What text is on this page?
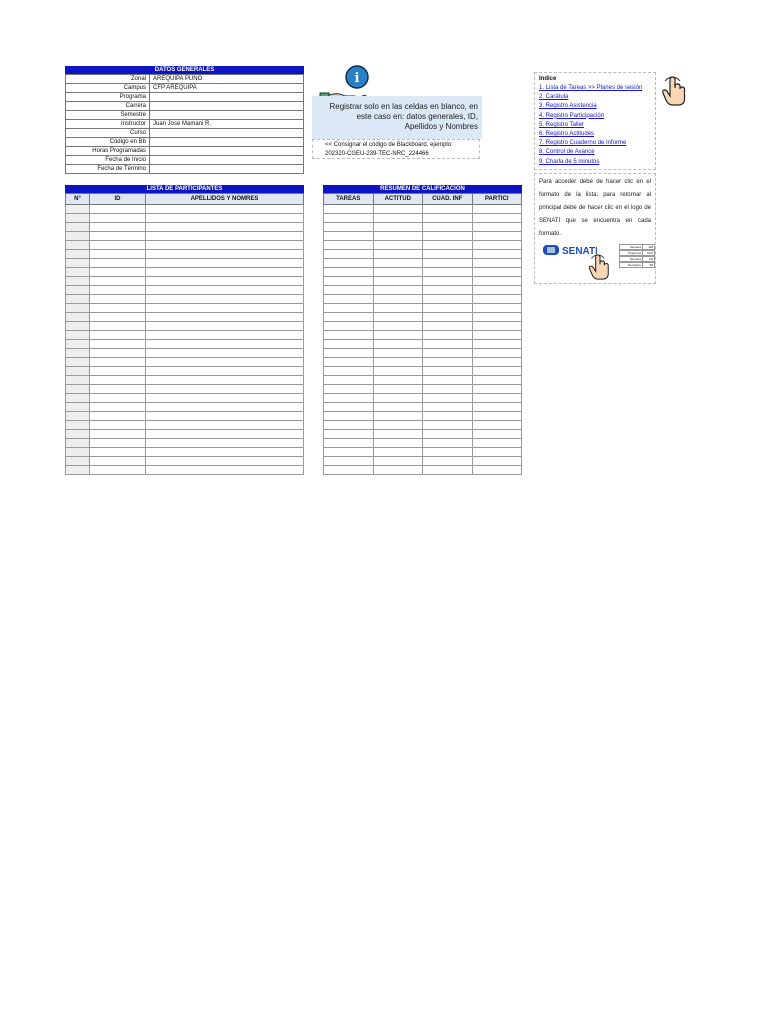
DATOS GENERALES
Zonal	AREQUIPA PUNO
Campus	CFP AREQUIPA
Programa	
Carrera	
Semestre	
Instructor	Juan Jose Mamani R.
Curso	
Código en Bb	
Horas Programadas	
Fecha de Inicio	
Fecha de Término	
i
Registrar solo en las celdas en blanco, en este caso en: datos generales, ID, Apellidos y Nombres
<< Consignar el código de Blackboard, ejemplo:
202320-CGEU-239-TEC-NRC_224466
Indice
1. Lista de Tareas >> Planes de sesión
2. Carátula
3. Registro Asistencia
4. Registro Participación
5. Registro Taller
6. Registro Actitudes
7. Registro Cuaderno de Informe
8. Control de Avance
9. Charla de 5 minutos
Para acceder debe de hacer clic en el formato de la lista; para retornar al principal debe de hacer clic en el logo de SENATI que se encuentra en cada formato.
SENATI	Semana	118
Programa	00.8
Semana	4.8
Semestre	96
LISTA DE PARTICIPANTES
N°	ID	APELLIDOS Y NOMRES

RESUMEN DE CALIFICACIÓN
TAREAS	ACTITUD	CUAD. INF	PARTICI
